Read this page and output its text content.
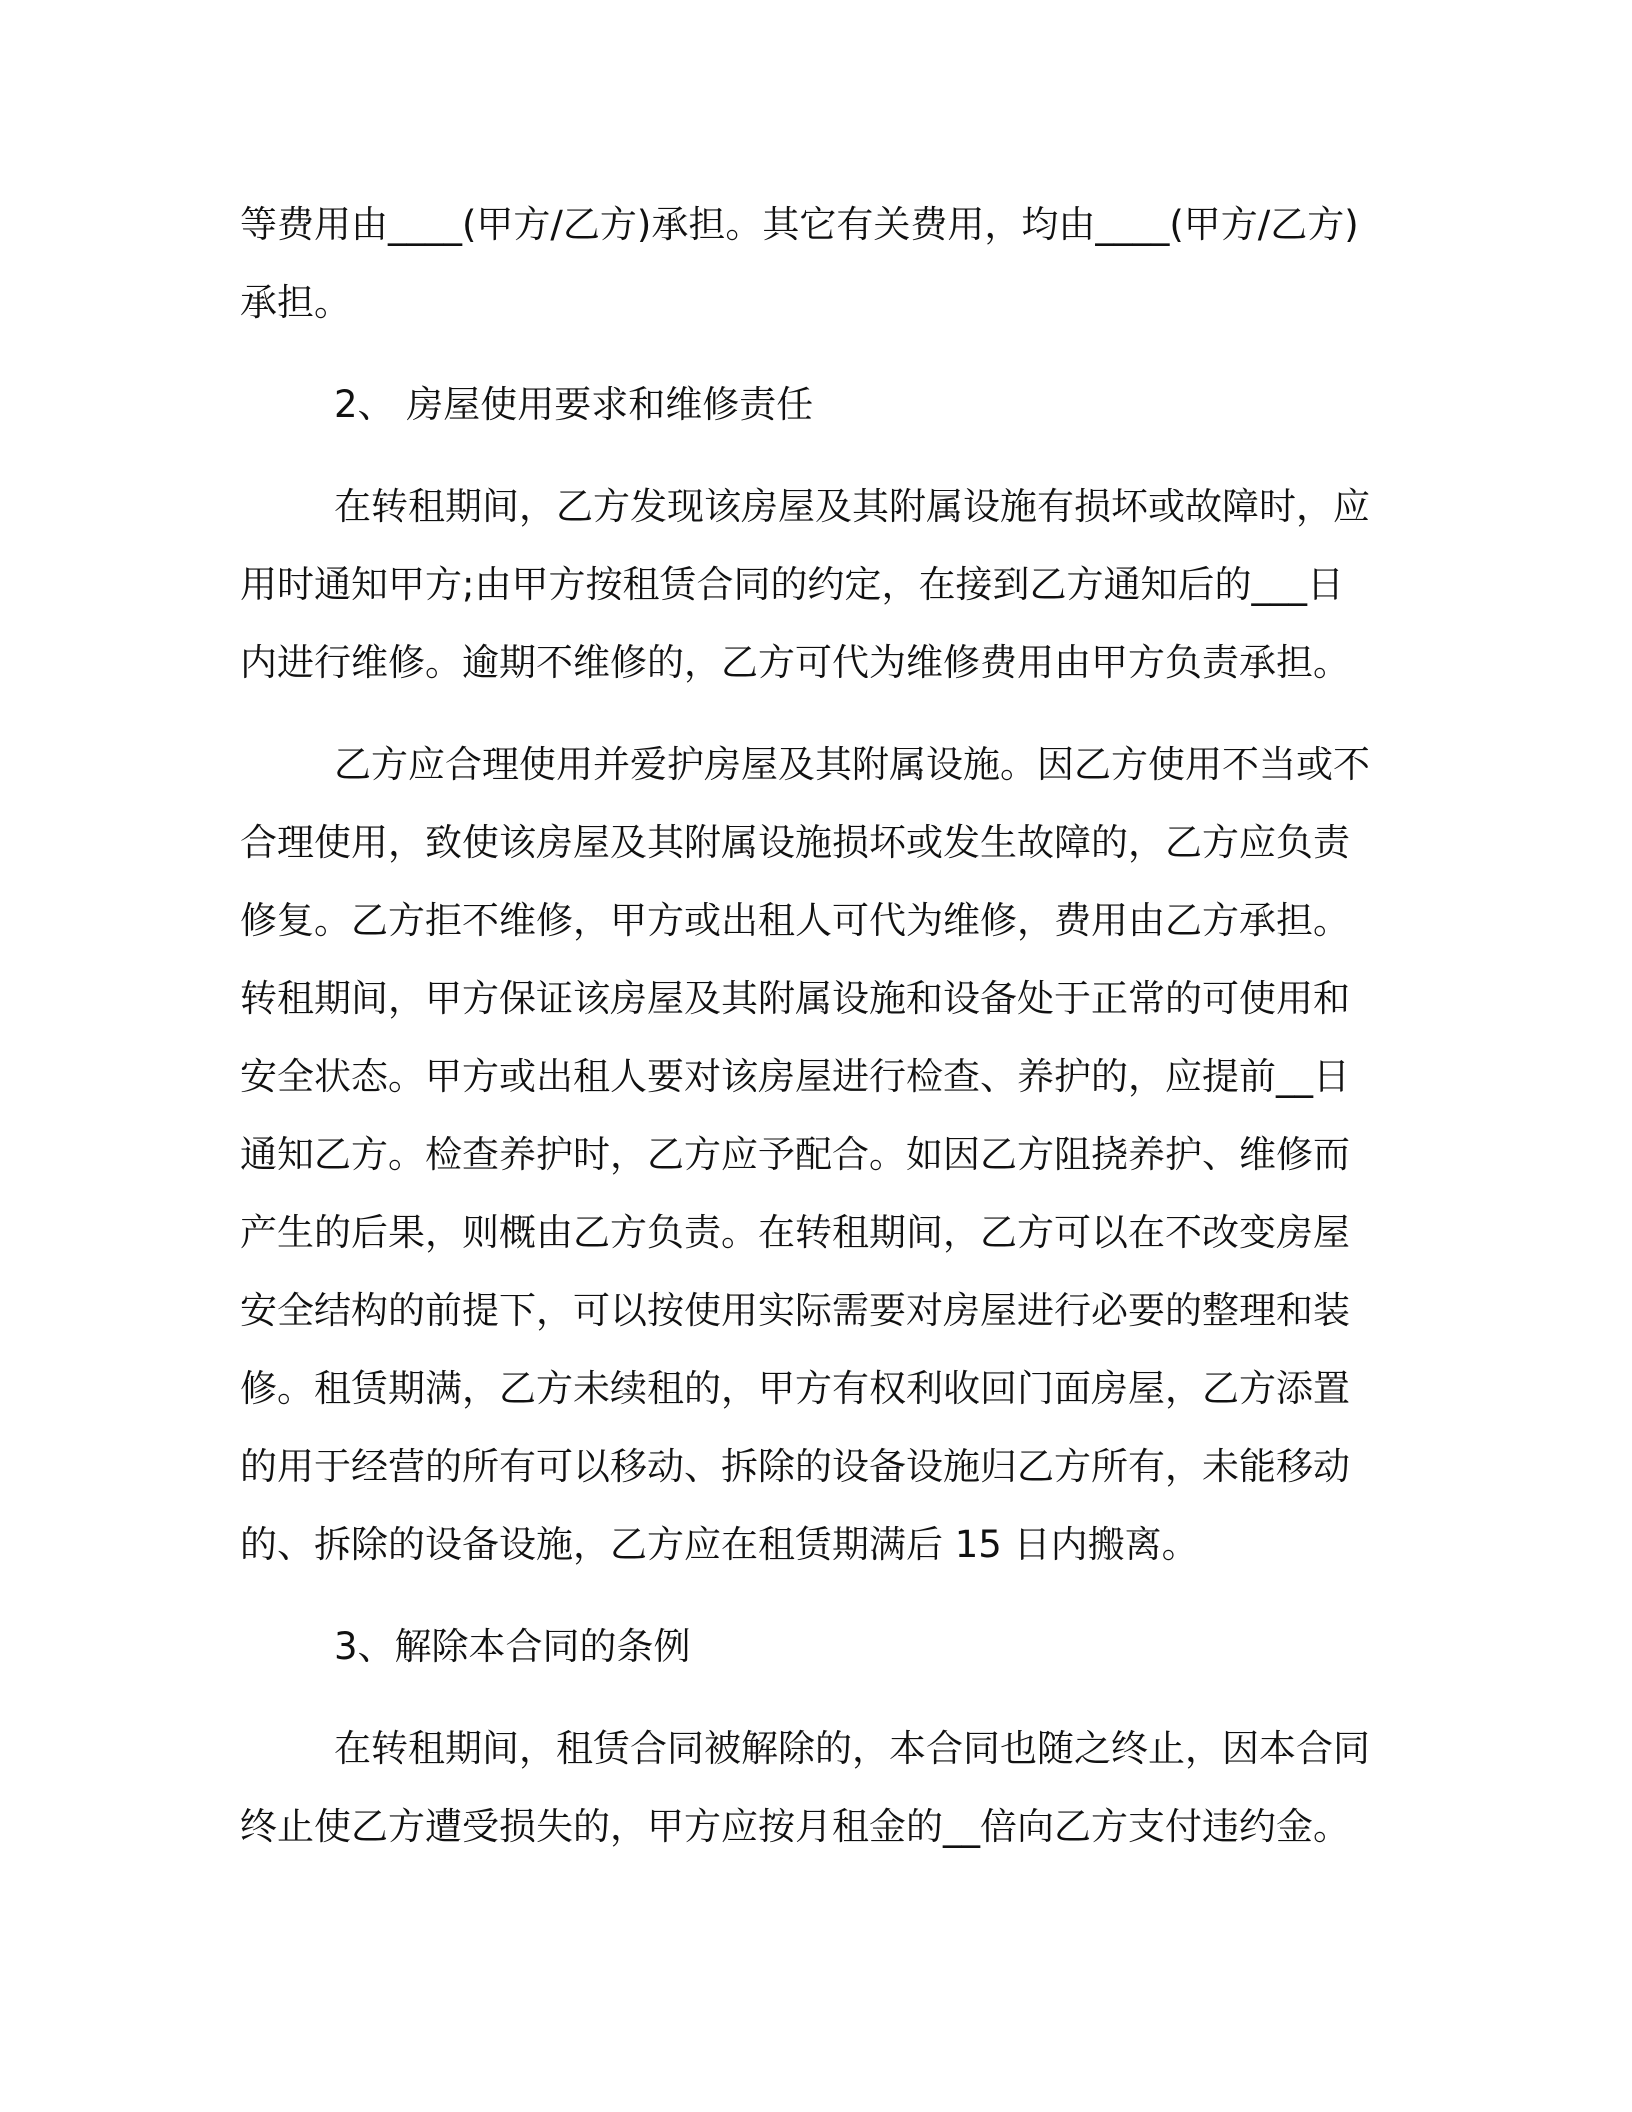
等费用由____(甲方/乙方)承担。其它有关费用，均由____(甲方/乙方)
承担。
2、 房屋使用要求和维修责任
在转租期间，乙方发现该房屋及其附属设施有损坏或故障时，应
用时通知甲方;由甲方按租赁合同的约定，在接到乙方通知后的___日
内进行维修。逾期不维修的，乙方可代为维修费用由甲方负责承担。
乙方应合理使用并爱护房屋及其附属设施。因乙方使用不当或不
合理使用，致使该房屋及其附属设施损坏或发生故障的，乙方应负责
修复。乙方拒不维修，甲方或出租人可代为维修，费用由乙方承担。
转租期间，甲方保证该房屋及其附属设施和设备处于正常的可使用和
安全状态。甲方或出租人要对该房屋进行检查、养护的，应提前__日
通知乙方。检查养护时，乙方应予配合。如因乙方阻挠养护、维修而
产生的后果，则概由乙方负责。在转租期间，乙方可以在不改变房屋
安全结构的前提下，可以按使用实际需要对房屋进行必要的整理和装
修。租赁期满，乙方未续租的，甲方有权利收回门面房屋，乙方添置
的用于经营的所有可以移动、拆除的设备设施归乙方所有，未能移动
的、拆除的设备设施，乙方应在租赁期满后 15 日内搬离。
3、解除本合同的条例
在转租期间，租赁合同被解除的，本合同也随之终止，因本合同
终止使乙方遭受损失的，甲方应按月租金的__倍向乙方支付违约金。
